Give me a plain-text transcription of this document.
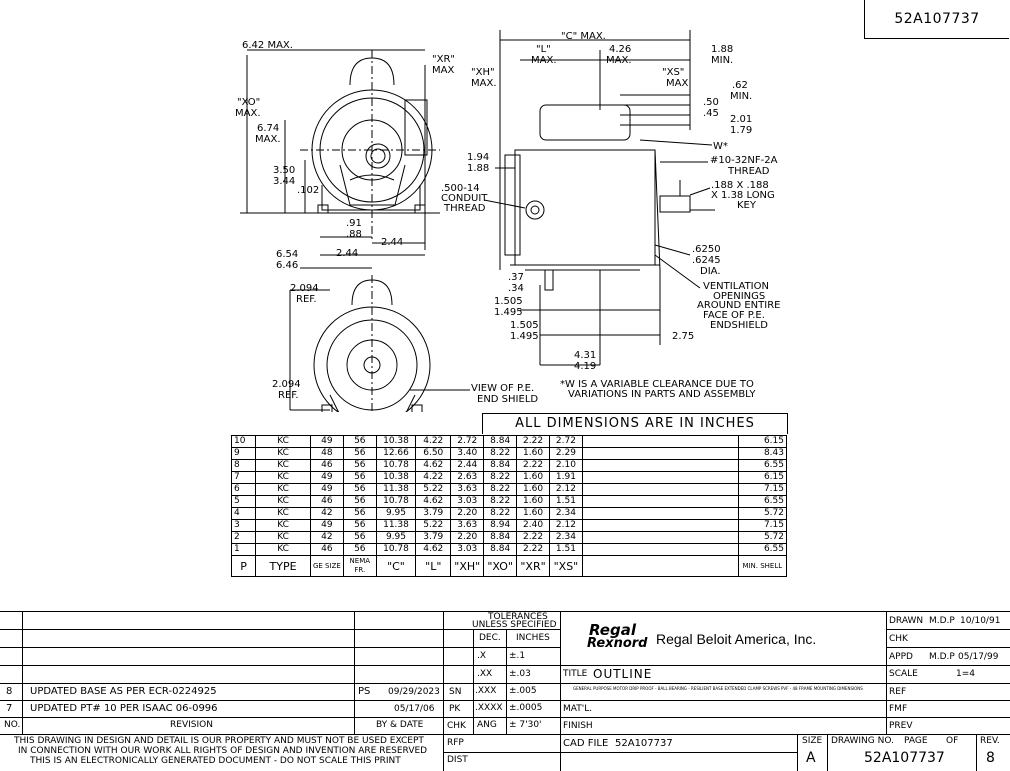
52A107737
6.42 MAX.
"XR"
MAX
"XO"
MAX.
6.74
MAX.
3.50
3.44
.102
.91
.88
2.44
2.44
6.54
6.46
2.094
REF.
2.094
REF.
VIEW OF P.E.
END SHIELD
"C" MAX.
"L"
MAX.
4.26
MAX.
1.88
MIN.
"XH"
MAX.
"XS"
MAX	.62
MIN.
.50
.45
2.01
1.79
W*
#10-32NF-2A
THREAD
1.94
1.88
.500-14
CONDUIT
THREAD
.188 X .188
X 1.38 LONG
KEY
.6250
.6245
DIA.
VENTILATION
OPENINGS
AROUND ENTIRE
FACE OF P.E.
ENDSHIELD
.37
.34
1.505
1.495
1.505
1.495	2.75
4.31
4.19
*W IS A VARIABLE CLEARANCE DUE TO
VARIATIONS IN PARTS AND ASSEMBLY
ALL DIMENSIONS ARE IN INCHES
10	KC	49	56	10.38	4.22	2.72	8.84	2.22	2.72		6.15
9	KC	48	56	12.66	6.50	3.40	8.22	1.60	2.29		8.43
8	KC	46	56	10.78	4.62	2.44	8.84	2.22	2.10		6.55
7	KC	49	56	10.38	4.22	2.63	8.22	1.60	1.91		6.15
6	KC	49	56	11.38	5.22	3.63	8.22	1.60	2.12		7.15
5	KC	46	56	10.78	4.62	3.03	8.22	1.60	1.51		6.55
4	KC	42	56	9.95	3.79	2.20	8.22	1.60	2.34		5.72
3	KC	49	56	11.38	5.22	3.63	8.94	2.40	2.12		7.15
2	KC	42	56	9.95	3.79	2.20	8.84	2.22	2.34		5.72
1	KC	46	56	10.78	4.62	3.03	8.84	2.22	1.51		6.55
P	TYPE	GE SIZE	NEMA FR.	"C"	"L"	"XH"	"XO"	"XR"	"XS"		MIN. SHELL
8 UPDATED BASE AS PER ECR-0224925	PS 09/29/2023
7 UPDATED PT# 10 PER ISAAC 06-0996	05/17/06
NO.	REVISION	BY & DATE
THIS DRAWING IN DESIGN AND DETAIL IS OUR PROPERTY AND MUST NOT BE USED EXCEPT
IN CONNECTION WITH OUR WORK ALL RIGHTS OF DESIGN AND INVENTION ARE RESERVED
THIS IS AN ELECTRONICALLY GENERATED DOCUMENT - DO NOT SCALE THIS PRINT
TOLERANCES
UNLESS SPECIFIED
DEC. INCHES
.X	±.1
.XX ±.03
.XXX ±.005
.XXXX ±.0005
ANG ± 7'30'
SN
PK
CHK
RFP
DIST
Regal
Rexnord Regal Beloit America, Inc.
TITLE OUTLINE
GENERAL PURPOSE MOTOR DRIP PROOF - BALL BEARING - RESILIENT BASE EXTENDED CLAMP SCREWS PVF - 48 FRAME MOUNTING DIMENSIONS
MAT'L.
FINISH
CAD FILE 52A107737
DRAWN M.D.P 10/10/91
CHK
APPD M.D.P 05/17/99
SCALE	1=4
REF
FMF
PREV
SIZE
A
DRAWING NO. PAGE OF
52A107737
REV.
8
